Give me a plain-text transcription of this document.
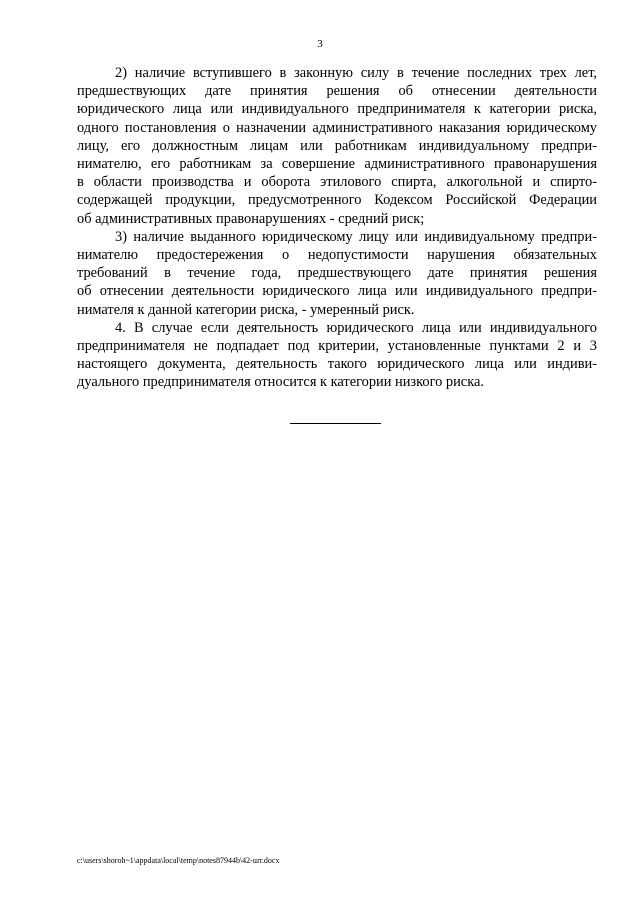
3
2) наличие вступившего в законную силу в течение последних трех лет,
предшествующих дате принятия решения об отнесении деятельности
юридического лица или индивидуального предпринимателя к категории риска,
одного постановления о назначении административного наказания юридическому
лицу, его должностным лицам или работникам индивидуальному предпри-
нимателю, его работникам за совершение административного правонарушения
в области производства и оборота этилового спирта, алкогольной и спирто-
содержащей продукции, предусмотренного Кодексом Российской Федерации
об административных правонарушениях - средний риск;
3) наличие выданного юридическому лицу или индивидуальному предпри-
нимателю предостережения о недопустимости нарушения обязательных
требований в течение года, предшествующего дате принятия решения
об отнесении деятельности юридического лица или индивидуального предпри-
нимателя к данной категории риска, - умеренный риск.
4. В случае если деятельность юридического лица или индивидуального
предпринимателя не подпадает под критерии, установленные пунктами 2 и 3
настоящего документа, деятельность такого юридического лица или индиви-
дуального предпринимателя относится к категории низкого риска.
c:\users\shoroh~1\appdata\local\temp\notes87944b\42-шт.docx
